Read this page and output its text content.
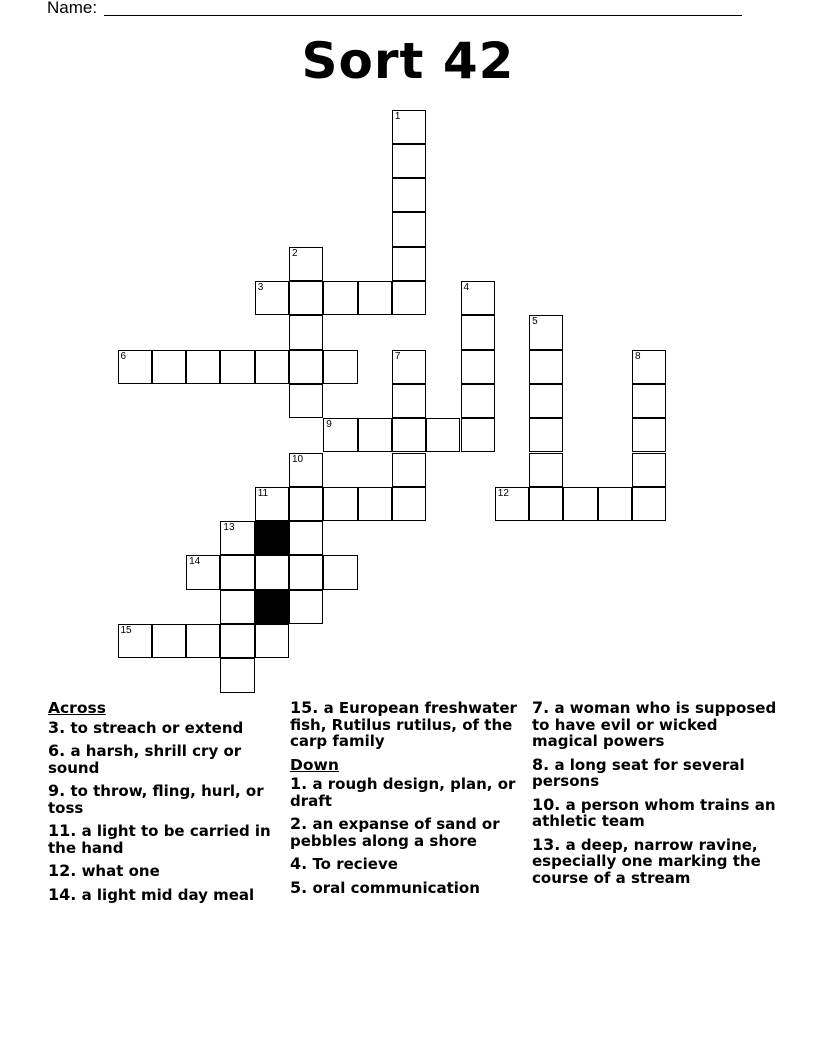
Name:
Sort 42
1
2
3	4
5
6	7	8
9
10
11	12
13
14
15
Across
3. to streach or extend
6. a harsh, shrill cry or sound
9. to throw, fling, hurl, or toss
11. a light to be carried in the hand
12. what one
14. a light mid day meal
15. a European freshwater fish, Rutilus rutilus, of the carp family
Down
1. a rough design, plan, or draft
2. an expanse of sand or pebbles along a shore
4. To recieve
5. oral communication
7. a woman who is supposed to have evil or wicked magical powers
8. a long seat for several persons
10. a person whom trains an athletic team
13. a deep, narrow ravine, especially one marking the course of a stream
